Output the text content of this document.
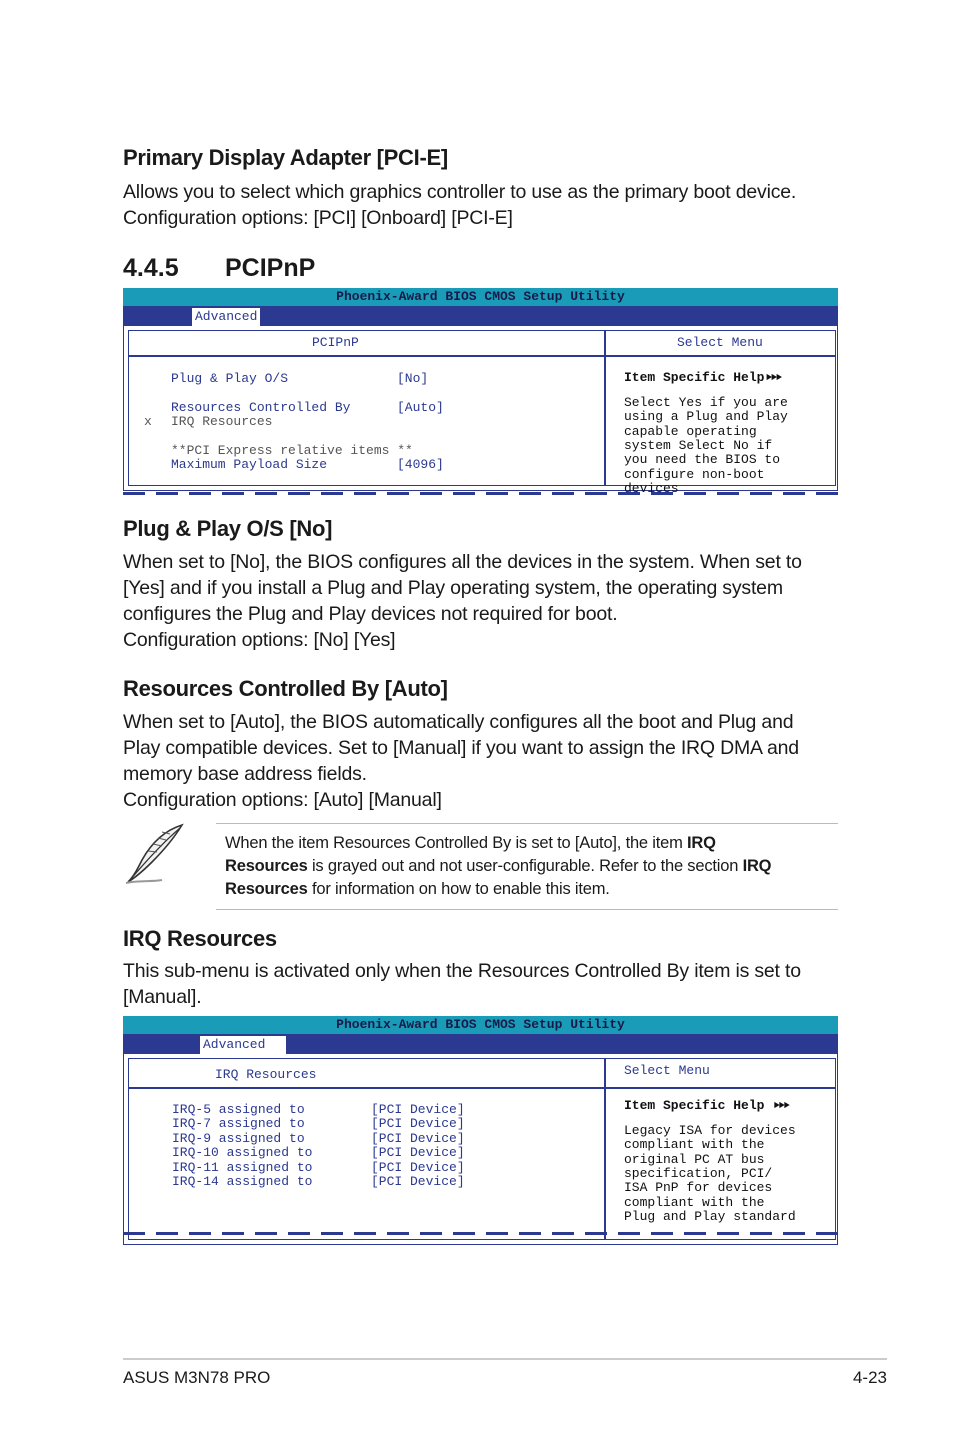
Primary Display Adapter [PCI-E]
Allows you to select which graphics controller to use as the primary boot device.
Configuration options: [PCI] [Onboard] [PCI-E]
4.4.5 PCIPnP
Phoenix-Award BIOS CMOS Setup Utility
Advanced
PCIPnP	Select Menu
Plug & Play O/S	[No]
Resources Controlled By	[Auto]
x IRQ Resources
**PCI Express relative items **
Maximum Payload Size	[4096]
Item Specific Help⯈⯈⯈
Select Yes if you are
using a Plug and Play
capable operating
system Select No if
you need the BIOS to
configure non-boot
devices
Plug & Play O/S [No]
When set to [No], the BIOS configures all the devices in the system. When set to
[Yes] and if you install a Plug and Play operating system, the operating system
configures the Plug and Play devices not required for boot.
Configuration options: [No] [Yes]
Resources Controlled By [Auto]
When set to [Auto], the BIOS automatically configures all the boot and Plug and
Play compatible devices. Set to [Manual] if you want to assign the IRQ DMA and
memory base address fields.
Configuration options: [Auto] [Manual]
When the item Resources Controlled By is set to [Auto], the item IRQ
Resources is grayed out and not user-configurable. Refer to the section IRQ
Resources for information on how to enable this item.
IRQ Resources
This sub-menu is activated only when the Resources Controlled By item is set to
[Manual].
Phoenix-Award BIOS CMOS Setup Utility
Advanced
IRQ Resources	Select Menu
IRQ-5 assigned to	[PCI Device]
IRQ-7 assigned to	[PCI Device]
IRQ-9 assigned to	[PCI Device]
IRQ-10 assigned to	[PCI Device]
IRQ-11 assigned to	[PCI Device]
IRQ-14 assigned to	[PCI Device]
Item Specific Help ⯈⯈⯈
Legacy ISA for devices
compliant with the
original PC AT bus
specification, PCI/
ISA PnP for devices
compliant with the
Plug and Play standard
ASUS M3N78 PRO	4-23
